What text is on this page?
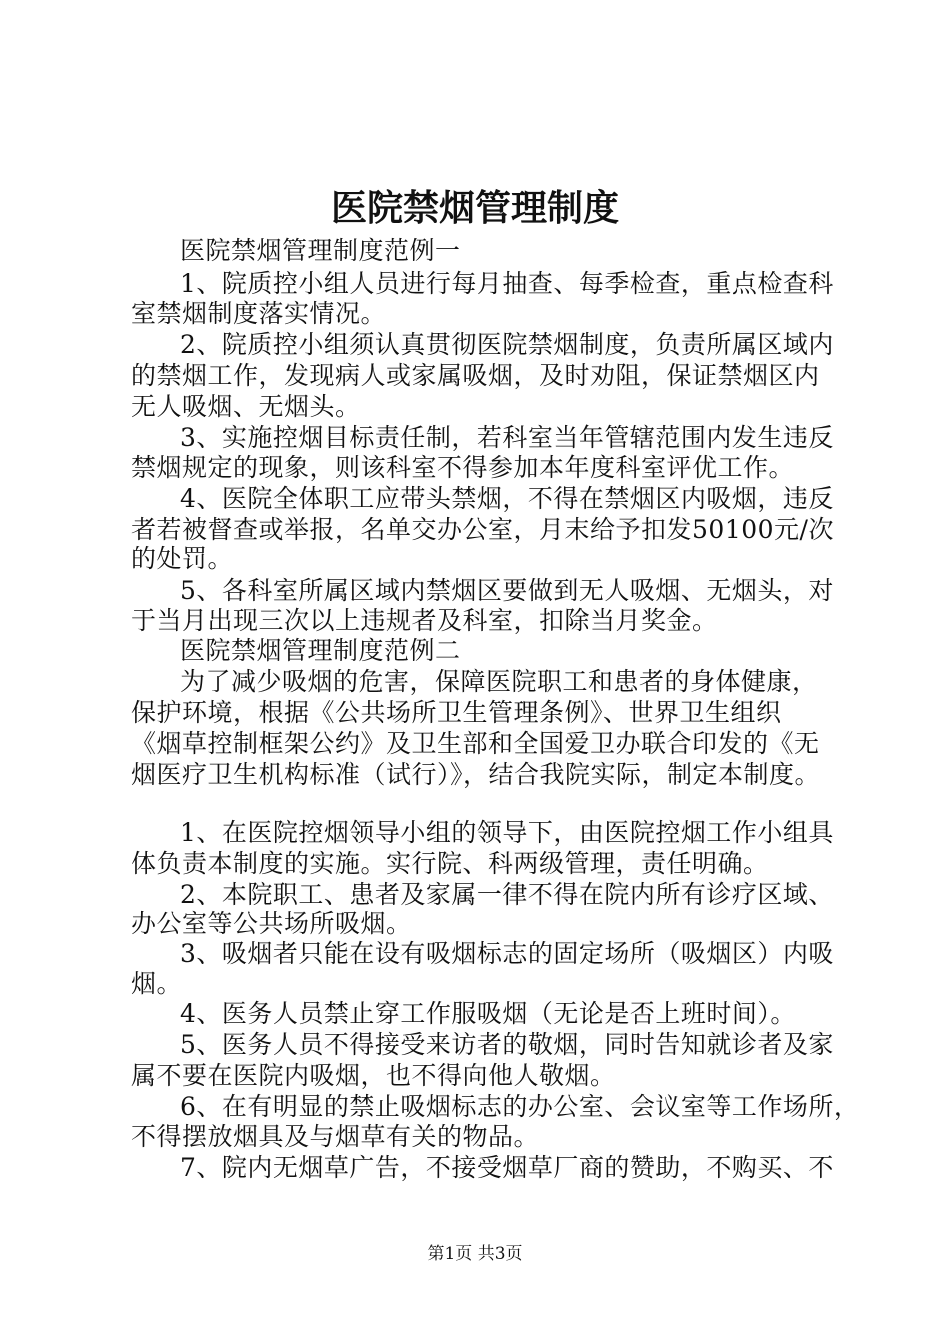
医院禁烟管理制度
医院禁烟管理制度范例一
1、院质控小组人员进行每月抽查、每季检查，重点检查科
室禁烟制度落实情况。
2、院质控小组须认真贯彻医院禁烟制度，负责所属区域内
的禁烟工作，发现病人或家属吸烟，及时劝阻，保证禁烟区内
无人吸烟、无烟头。
3、实施控烟目标责任制，若科室当年管辖范围内发生违反
禁烟规定的现象，则该科室不得参加本年度科室评优工作。
4、医院全体职工应带头禁烟，不得在禁烟区内吸烟，违反
者若被督查或举报，名单交办公室，月末给予扣发50100元/次
的处罚。
5、各科室所属区域内禁烟区要做到无人吸烟、无烟头，对
于当月出现三次以上违规者及科室，扣除当月奖金。
医院禁烟管理制度范例二
为了减少吸烟的危害，保障医院职工和患者的身体健康，
保护环境，根据《公共场所卫生管理条例》、世界卫生组织
《烟草控制框架公约》及卫生部和全国爱卫办联合印发的《无
烟医疗卫生机构标准（试行）》，结合我院实际，制定本制度。
1、在医院控烟领导小组的领导下，由医院控烟工作小组具
体负责本制度的实施。实行院、科两级管理，责任明确。
2、本院职工、患者及家属一律不得在院内所有诊疗区域、
办公室等公共场所吸烟。
3、吸烟者只能在设有吸烟标志的固定场所（吸烟区）内吸
烟。
4、医务人员禁止穿工作服吸烟（无论是否上班时间）。
5、医务人员不得接受来访者的敬烟，同时告知就诊者及家
属不要在医院内吸烟，也不得向他人敬烟。
6、在有明显的禁止吸烟标志的办公室、会议室等工作场所，
不得摆放烟具及与烟草有关的物品。
7、院内无烟草广告，不接受烟草厂商的赞助，不购买、不
第1页 共3页
